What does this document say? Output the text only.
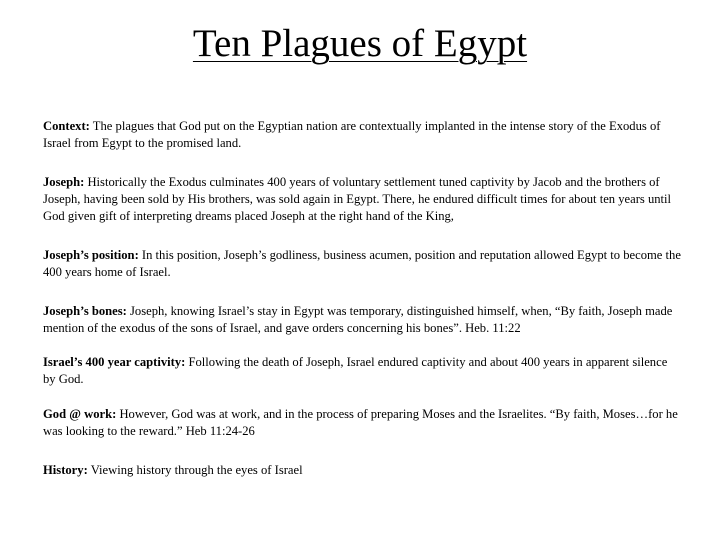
Ten Plagues of Egypt

Context: The plagues that God put on the Egyptian nation are contextually implanted in the intense story of the Exodus of Israel from Egypt to the promised land.

Joseph: Historically the Exodus culminates 400 years of voluntary settlement tuned captivity by Jacob and the brothers of Joseph, having been sold by His brothers, was sold again in Egypt. There, he endured difficult times for about ten years until God given gift of interpreting dreams placed Joseph at the right hand of the King,

Joseph’s position: In this position, Joseph’s godliness, business acumen, position and reputation allowed Egypt to become the 400 years home of Israel.

Joseph’s bones: Joseph, knowing Israel’s stay in Egypt was temporary, distinguished himself, when, “By faith, Joseph made mention of the exodus of the sons of Israel, and gave orders concerning his bones”. Heb. 11:22

Israel’s 400 year captivity: Following the death of Joseph, Israel endured captivity and about 400 years in apparent silence by God.

God @ work: However, God was at work, and in the process of preparing Moses and the Israelites. “By faith, Moses…for he was looking to the reward.” Heb 11:24-26

History: Viewing history through the eyes of Israel
